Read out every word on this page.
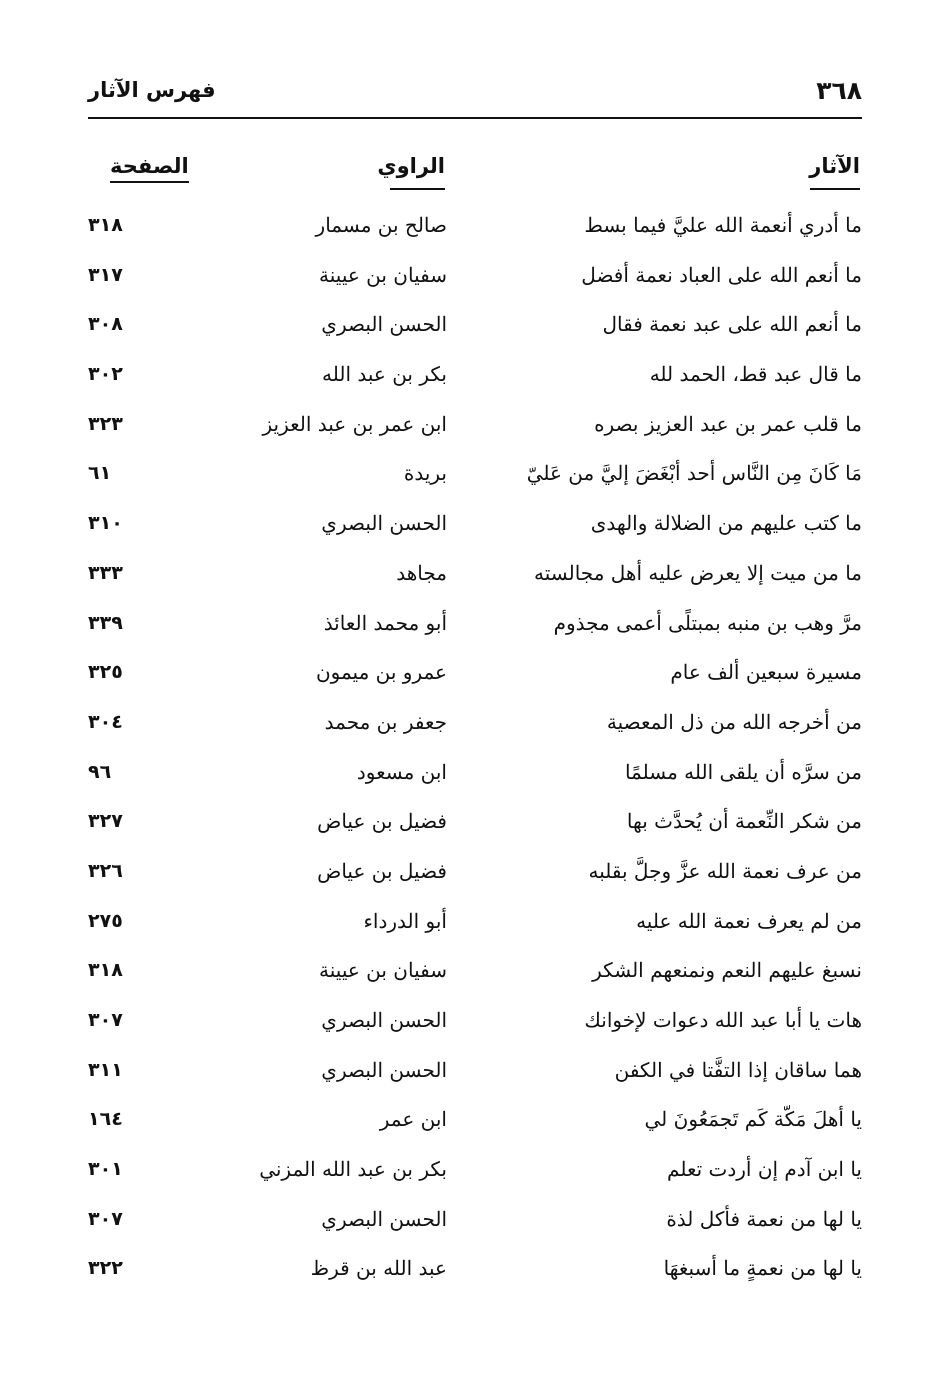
٣٦٨
فهرس الآثار
الآثار
الراوي
الصفحة
ما أدري أنعمة الله عليَّ فيما بسط
صالح بن مسمار
٣١٨
ما أنعم الله على العباد نعمة أفضل
سفيان بن عيينة
٣١٧
ما أنعم الله على عبد نعمة فقال
الحسن البصري
٣٠٨
ما قال عبد قط، الحمد لله
بكر بن عبد الله
٣٠٢
ما قلب عمر بن عبد العزيز بصره
ابن عمر بن عبد العزيز
٣٢٣
مَا كَانَ مِن النَّاس أحد أبْغَضَ إليَّ من عَليّ
بريدة
٦١
ما كتب عليهم من الضلالة والهدى
الحسن البصري
٣١٠
ما من ميت إلا يعرض عليه أهل مجالسته
مجاهد
٣٣٣
مرَّ وهب بن منبه بمبتلًى أعمى مجذوم
أبو محمد العائذ
٣٣٩
مسيرة سبعين ألف عام
عمرو بن ميمون
٣٢٥
من أخرجه الله من ذل المعصية
جعفر بن محمد
٣٠٤
من سرَّه أن يلقى الله مسلمًا
ابن مسعود
٩٦
من شكر النِّعمة أن يُحدَّث بها
فضيل بن عياض
٣٢٧
من عرف نعمة الله عزَّ وجلَّ بقلبه
فضيل بن عياض
٣٢٦
من لم يعرف نعمة الله عليه
أبو الدرداء
٢٧٥
نسبغ عليهم النعم ونمنعهم الشكر
سفيان بن عيينة
٣١٨
هات يا أبا عبد الله دعوات لإخوانك
الحسن البصري
٣٠٧
هما ساقان إذا التفَّتا في الكفن
الحسن البصري
٣١١
يا أهلَ مَكّة كَم تَجمَعُونَ لي
ابن عمر
١٦٤
يا ابن آدم إن أردت تعلم
بكر بن عبد الله المزني
٣٠١
يا لها من نعمة فأكل لذة
الحسن البصري
٣٠٧
يا لها من نعمةٍ ما أسبغهَا
عبد الله بن قرظ
٣٢٢
